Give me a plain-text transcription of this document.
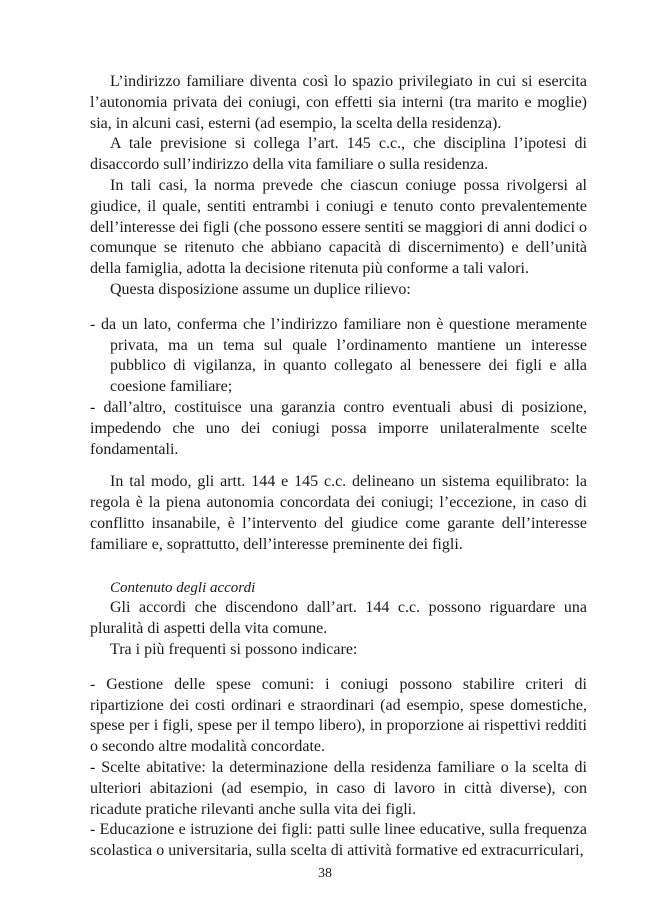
L’indirizzo familiare diventa così lo spazio privilegiato in cui si esercita l’autonomia privata dei coniugi, con effetti sia interni (tra marito e moglie) sia, in alcuni casi, esterni (ad esempio, la scelta della residenza).

A tale previsione si collega l’art. 145 c.c., che disciplina l’ipotesi di disaccordo sull’indirizzo della vita familiare o sulla residenza.

In tali casi, la norma prevede che ciascun coniuge possa rivolgersi al giudice, il quale, sentiti entrambi i coniugi e tenuto conto prevalentemente dell’interesse dei figli (che possono essere sentiti se maggiori di anni dodici o comunque se ritenuto che abbiano capacità di discernimento) e dell’unità della famiglia, adotta la decisione ritenuta più conforme a tali valori.

Questa disposizione assume un duplice rilievo:

- da un lato, conferma che l’indirizzo familiare non è questione meramente privata, ma un tema sul quale l’ordinamento mantiene un interesse pubblico di vigilanza, in quanto collegato al benessere dei figli e alla coesione familiare;

- dall’altro, costituisce una garanzia contro eventuali abusi di posizione, impedendo che uno dei coniugi possa imporre unilateralmente scelte fondamentali.

In tal modo, gli artt. 144 e 145 c.c. delineano un sistema equilibrato: la regola è la piena autonomia concordata dei coniugi; l’eccezione, in caso di conflitto insanabile, è l’intervento del giudice come garante dell’interesse familiare e, soprattutto, dell’interesse preminente dei figli.

Contenuto degli accordi

Gli accordi che discendono dall’art. 144 c.c. possono riguardare una pluralità di aspetti della vita comune.

Tra i più frequenti si possono indicare:

- Gestione delle spese comuni: i coniugi possono stabilire criteri di ripartizione dei costi ordinari e straordinari (ad esempio, spese domestiche, spese per i figli, spese per il tempo libero), in proporzione ai rispettivi redditi o secondo altre modalità concordate.

- Scelte abitative: la determinazione della residenza familiare o la scelta di ulteriori abitazioni (ad esempio, in caso di lavoro in città diverse), con ricadute pratiche rilevanti anche sulla vita dei figli.

- Educazione e istruzione dei figli: patti sulle linee educative, sulla frequenza scolastica o universitaria, sulla scelta di attività formative ed extracurriculari,

38
